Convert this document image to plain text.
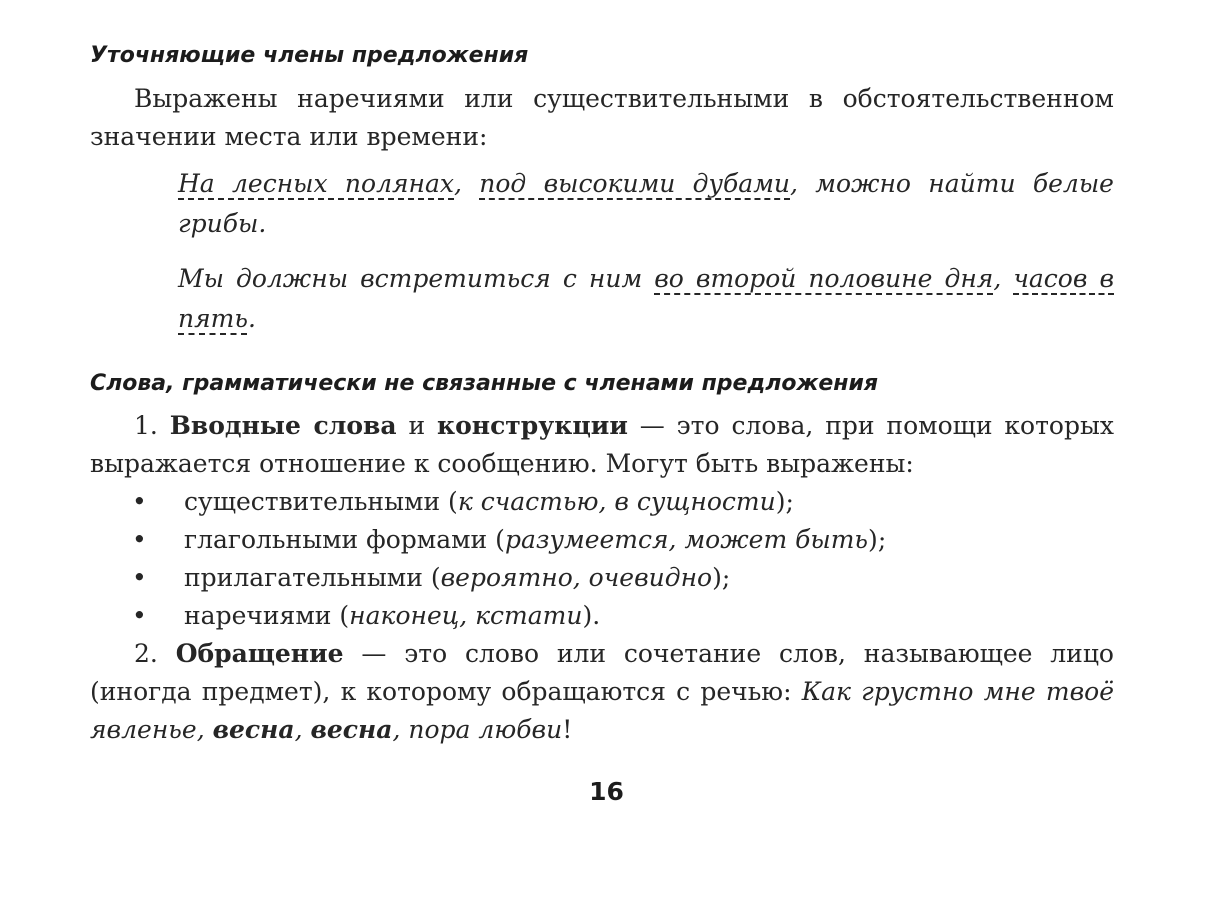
Уточняющие члены предложения

Выражены наречиями или существительными в обстоятельственном значении места или времени:

На лесных полянах, под высокими дубами, можно найти белые грибы.

Мы должны встретиться с ним во второй половине дня, часов в пять.

Слова, грамматически не связанные с членами предложения

1. Вводные слова и конструкции — это слова, при помощи которых выражается отношение к сообщению. Могут быть выражены:

• существительными (к счастью, в сущности);
• глагольными формами (разумеется, может быть);
• прилагательными (вероятно, очевидно);
• наречиями (наконец, кстати).

2. Обращение — это слово или сочетание слов, называющее лицо (иногда предмет), к которому обращаются с речью: Как грустно мне твоё явленье, весна, весна, пора любви!

16
